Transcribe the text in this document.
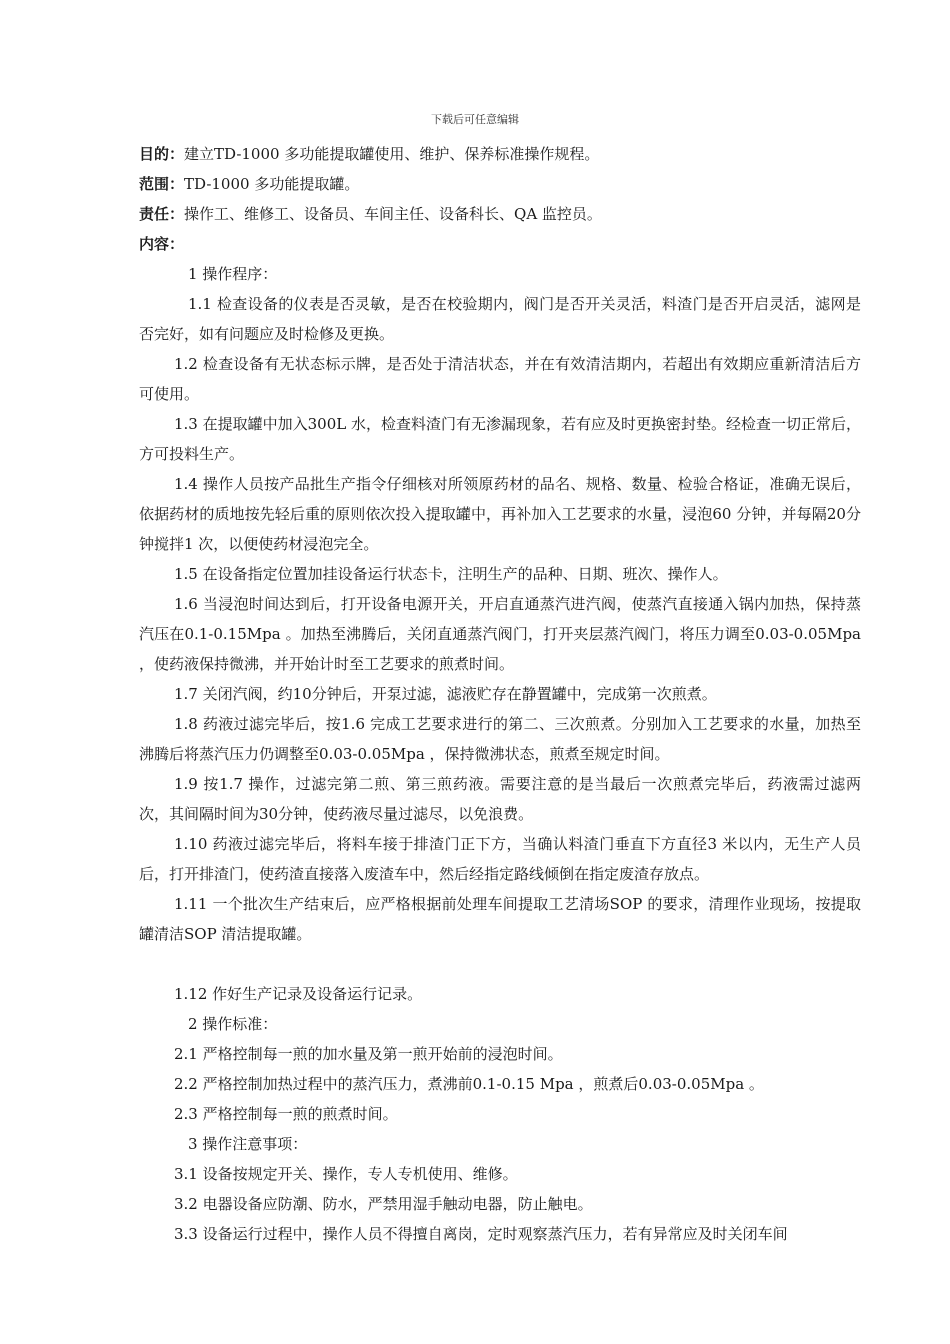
下载后可任意编辑

目的：建立TD-1000 多功能提取罐使用、维护、保养标准操作规程。

范围：TD-1000 多功能提取罐。

责任：操作工、维修工、设备员、车间主任、设备科长、QA 监控员。

内容：

1 操作程序：

1.1 检查设备的仪表是否灵敏，是否在校验期内，阀门是否开关灵活，料渣门是否开启灵活，滤网是否完好，如有问题应及时检修及更换。

1.2 检查设备有无状态标示牌，是否处于清洁状态，并在有效清洁期内，若超出有效期应重新清洁后方可使用。

1.3 在提取罐中加入300L 水，检查料渣门有无渗漏现象，若有应及时更换密封垫。经检查一切正常后，方可投料生产。

1.4 操作人员按产品批生产指令仔细核对所领原药材的品名、规格、数量、检验合格证，准确无误后，依据药材的质地按先轻后重的原则依次投入提取罐中，再补加入工艺要求的水量，浸泡60 分钟，并每隔20分钟搅拌1 次，以便使药材浸泡完全。

1.5 在设备指定位置加挂设备运行状态卡，注明生产的品种、日期、班次、操作人。

1.6 当浸泡时间达到后，打开设备电源开关，开启直通蒸汽进汽阀，使蒸汽直接通入锅内加热，保持蒸汽压在0.1-0.15Mpa 。加热至沸腾后，关闭直通蒸汽阀门，打开夹层蒸汽阀门，将压力调至0.03-0.05Mpa ，使药液保持微沸，并开始计时至工艺要求的煎煮时间。

1.7 关闭汽阀，约10分钟后，开泵过滤，滤液贮存在静置罐中，完成第一次煎煮。

1.8 药液过滤完毕后，按1.6 完成工艺要求进行的第二、三次煎煮。分别加入工艺要求的水量，加热至沸腾后将蒸汽压力仍调整至0.03-0.05Mpa ，保持微沸状态，煎煮至规定时间。

1.9 按1.7 操作，过滤完第二煎、第三煎药液。需要注意的是当最后一次煎煮完毕后，药液需过滤两次，其间隔时间为30分钟，使药液尽量过滤尽，以免浪费。

1.10 药液过滤完毕后，将料车接于排渣门正下方，当确认料渣门垂直下方直径3 米以内，无生产人员后，打开排渣门，使药渣直接落入废渣车中，然后经指定路线倾倒在指定废渣存放点。

1.11 一个批次生产结束后，应严格根据前处理车间提取工艺清场SOP 的要求，清理作业现场，按提取罐清洁SOP 清洁提取罐。

1.12 作好生产记录及设备运行记录。

2 操作标准：

2.1 严格控制每一煎的加水量及第一煎开始前的浸泡时间。

2.2 严格控制加热过程中的蒸汽压力，煮沸前0.1-0.15 Mpa ，煎煮后0.03-0.05Mpa 。

2.3 严格控制每一煎的煎煮时间。

3 操作注意事项：

3.1 设备按规定开关、操作，专人专机使用、维修。

3.2 电器设备应防潮、防水，严禁用湿手触动电器，防止触电。

3.3 设备运行过程中，操作人员不得擅自离岗，定时观察蒸汽压力，若有异常应及时关闭车间
